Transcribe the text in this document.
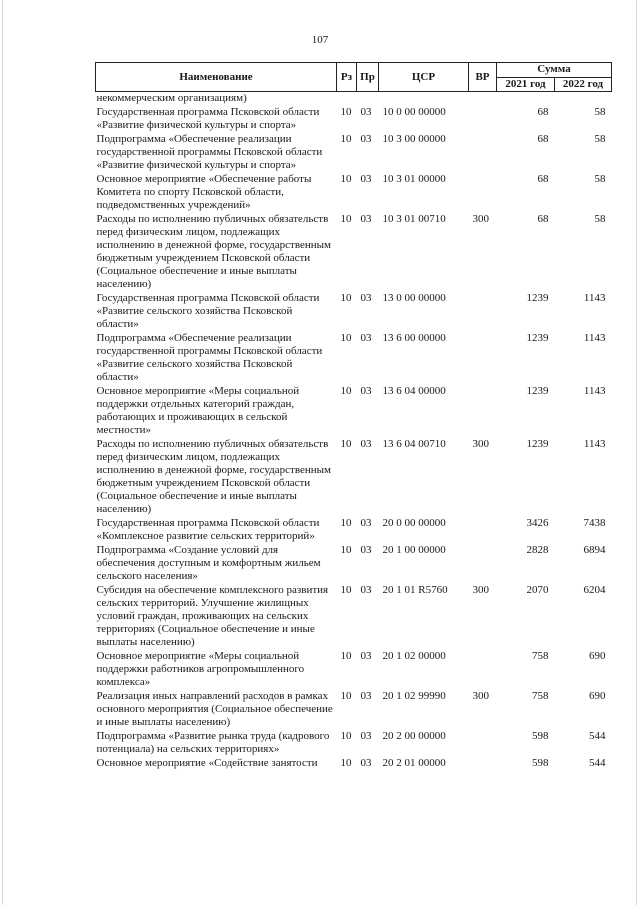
107
Наименование	Рз	Пр	ЦСР	ВР	Сумма	
					2021 год	2022 год
некоммерческим организациям)						
Государственная программа Псковской области «Развитие физической культуры и спорта»	10	03	10 0 00 00000		68	58
Подпрограмма «Обеспечение реализации государственной программы Псковской области «Развитие физической культуры и спорта»	10	03	10 3 00 00000		68	58
Основное мероприятие «Обеспечение работы Комитета по спорту Псковской области, подведомственных учреждений»	10	03	10 3 01 00000		68	58
Расходы по исполнению публичных обязательств перед физическим лицом, подлежащих исполнению в денежной форме, государственным бюджетным учреждением Псковской области (Социальное обеспечение и иные выплаты населению)	10	03	10 3 01 00710	300	68	58
Государственная программа Псковской области «Развитие сельского хозяйства Псковской области»	10	03	13 0 00 00000		1239	1143
Подпрограмма «Обеспечение реализации государственной программы Псковской области «Развитие сельского хозяйства Псковской области»	10	03	13 6 00 00000		1239	1143
Основное мероприятие «Меры социальной поддержки отдельных категорий граждан, работающих и проживающих в сельской местности»	10	03	13 6 04 00000		1239	1143
Расходы по исполнению публичных обязательств перед физическим лицом, подлежащих исполнению в денежной форме, государственным бюджетным учреждением Псковской области (Социальное обеспечение и иные выплаты населению)	10	03	13 6 04 00710	300	1239	1143
Государственная программа Псковской области «Комплексное развитие сельских территорий»	10	03	20 0 00 00000		3426	7438
Подпрограмма «Создание условий для обеспечения доступным и комфортным жильем сельского населения»	10	03	20 1 00 00000		2828	6894
Субсидия на обеспечение комплексного развития сельских территорий. Улучшение жилищных условий граждан, проживающих на сельских территориях (Социальное обеспечение и иные выплаты населению)	10	03	20 1 01 R5760	300	2070	6204
Основное мероприятие «Меры социальной поддержки работников агропромышленного комплекса»	10	03	20 1 02 00000		758	690
Реализация иных направлений расходов в рамках основного мероприятия (Социальное обеспечение и иные выплаты населению)	10	03	20 1 02 99990	300	758	690
Подпрограмма «Развитие рынка труда (кадрового потенциала) на сельских территориях»	10	03	20 2 00 00000		598	544
Основное мероприятие «Содействие занятости	10	03	20 2 01 00000		598	544
